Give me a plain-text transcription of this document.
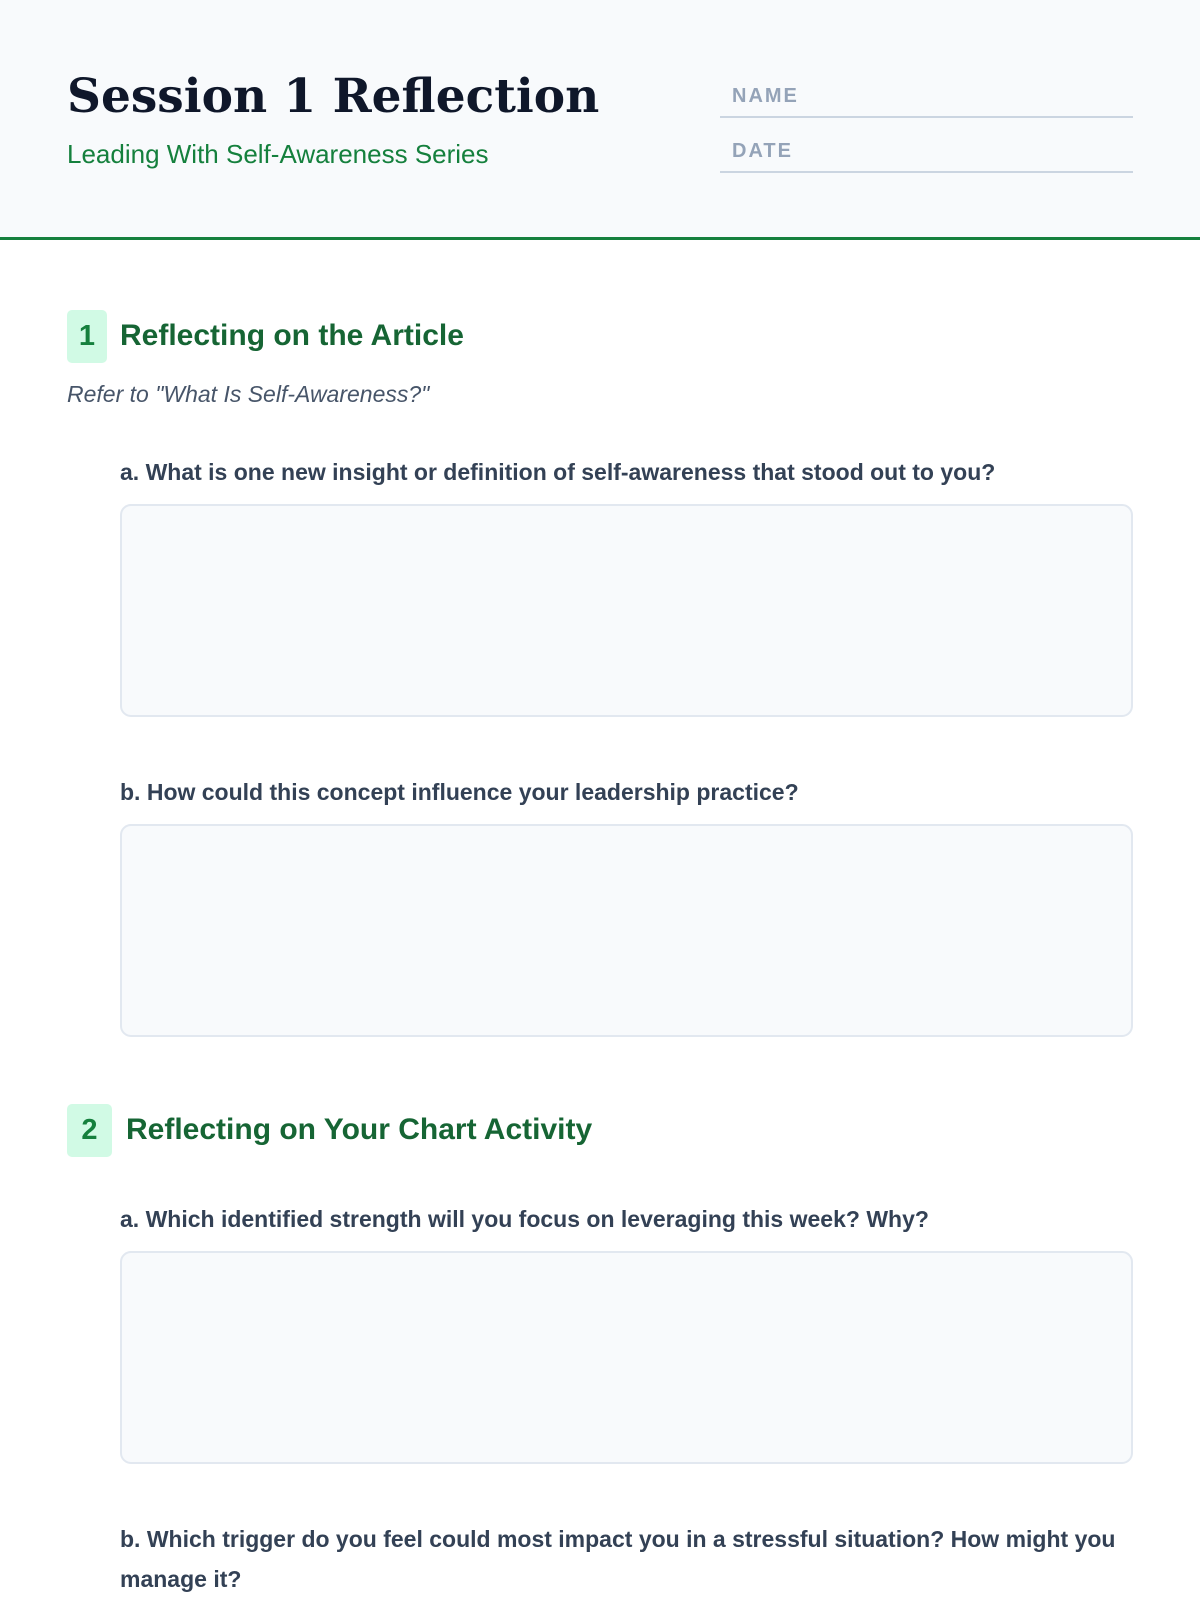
Session 1 Reflection
Leading With Self-Awareness Series
NAME
DATE
1 Reflecting on the Article
Refer to "What Is Self-Awareness?"
a. What is one new insight or definition of self-awareness that stood out to you?
b. How could this concept influence your leadership practice?
2 Reflecting on Your Chart Activity
a. Which identified strength will you focus on leveraging this week? Why?
b. Which trigger do you feel could most impact you in a stressful situation? How might you manage it?
